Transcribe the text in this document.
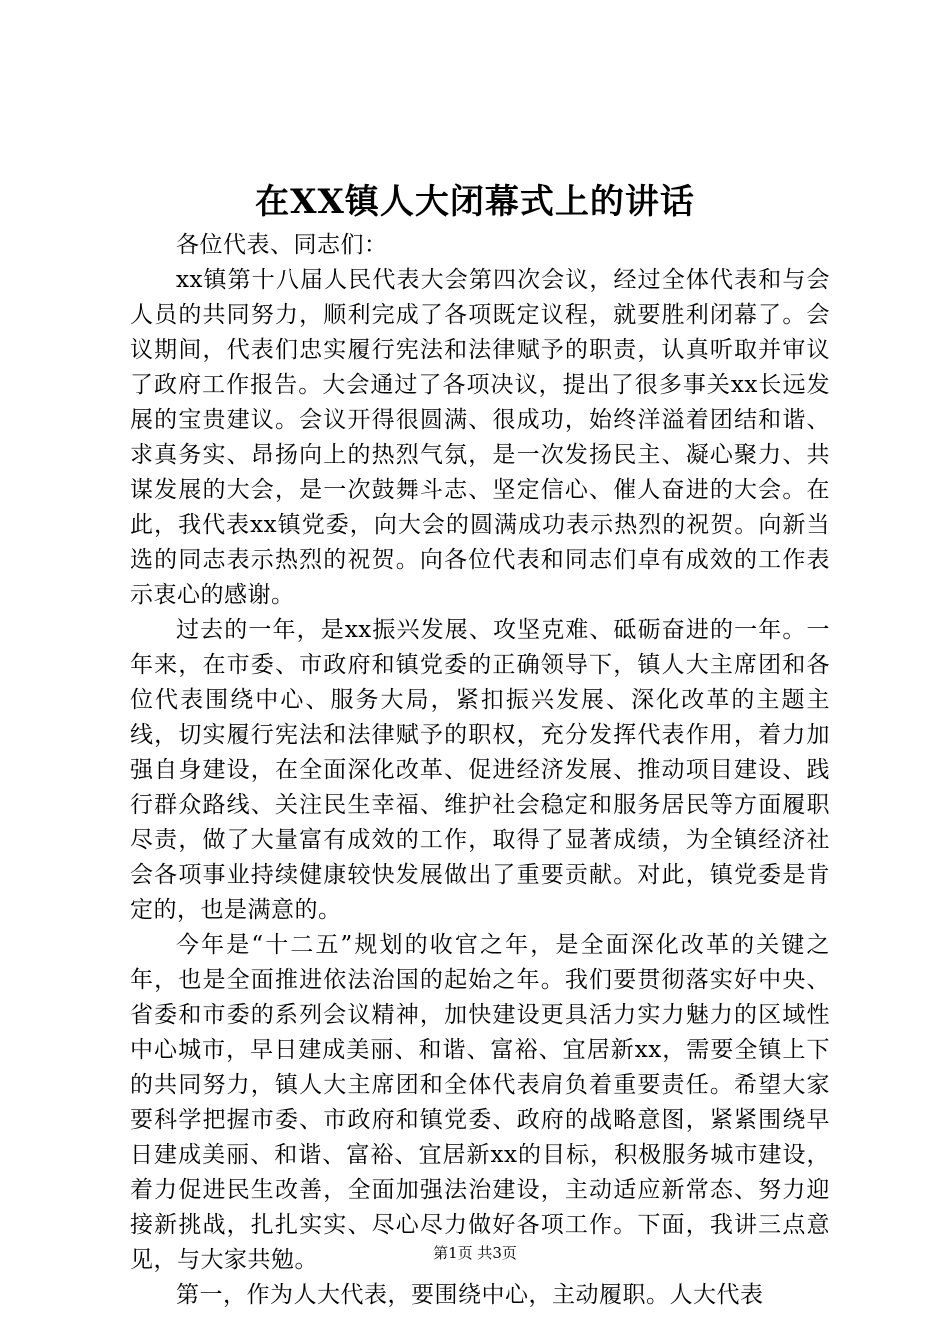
在XX镇人大闭幕式上的讲话

各位代表、同志们：

xx镇第十八届人民代表大会第四次会议，经过全体代表和与会人员的共同努力，顺利完成了各项既定议程，就要胜利闭幕了。会议期间，代表们忠实履行宪法和法律赋予的职责，认真听取并审议了政府工作报告。大会通过了各项决议，提出了很多事关xx长远发展的宝贵建议。会议开得很圆满、很成功，始终洋溢着团结和谐、求真务实、昂扬向上的热烈气氛，是一次发扬民主、凝心聚力、共谋发展的大会，是一次鼓舞斗志、坚定信心、催人奋进的大会。在此，我代表xx镇党委，向大会的圆满成功表示热烈的祝贺。向新当选的同志表示热烈的祝贺。向各位代表和同志们卓有成效的工作表示衷心的感谢。

过去的一年，是xx振兴发展、攻坚克难、砥砺奋进的一年。一年来，在市委、市政府和镇党委的正确领导下，镇人大主席团和各位代表围绕中心、服务大局，紧扣振兴发展、深化改革的主题主线，切实履行宪法和法律赋予的职权，充分发挥代表作用，着力加强自身建设，在全面深化改革、促进经济发展、推动项目建设、践行群众路线、关注民生幸福、维护社会稳定和服务居民等方面履职尽责，做了大量富有成效的工作，取得了显著成绩，为全镇经济社会各项事业持续健康较快发展做出了重要贡献。对此，镇党委是肯定的，也是满意的。

今年是“十二五”规划的收官之年，是全面深化改革的关键之年，也是全面推进依法治国的起始之年。我们要贯彻落实好中央、省委和市委的系列会议精神，加快建设更具活力实力魅力的区域性中心城市，早日建成美丽、和谐、富裕、宜居新xx，需要全镇上下的共同努力，镇人大主席团和全体代表肩负着重要责任。希望大家要科学把握市委、市政府和镇党委、政府的战略意图，紧紧围绕早日建成美丽、和谐、富裕、宜居新xx的目标，积极服务城市建设，着力促进民生改善，全面加强法治建设，主动适应新常态、努力迎接新挑战，扎扎实实、尽心尽力做好各项工作。下面，我讲三点意见，与大家共勉。

第一，作为人大代表，要围绕中心，主动履职。人大代表

第1页 共3页
